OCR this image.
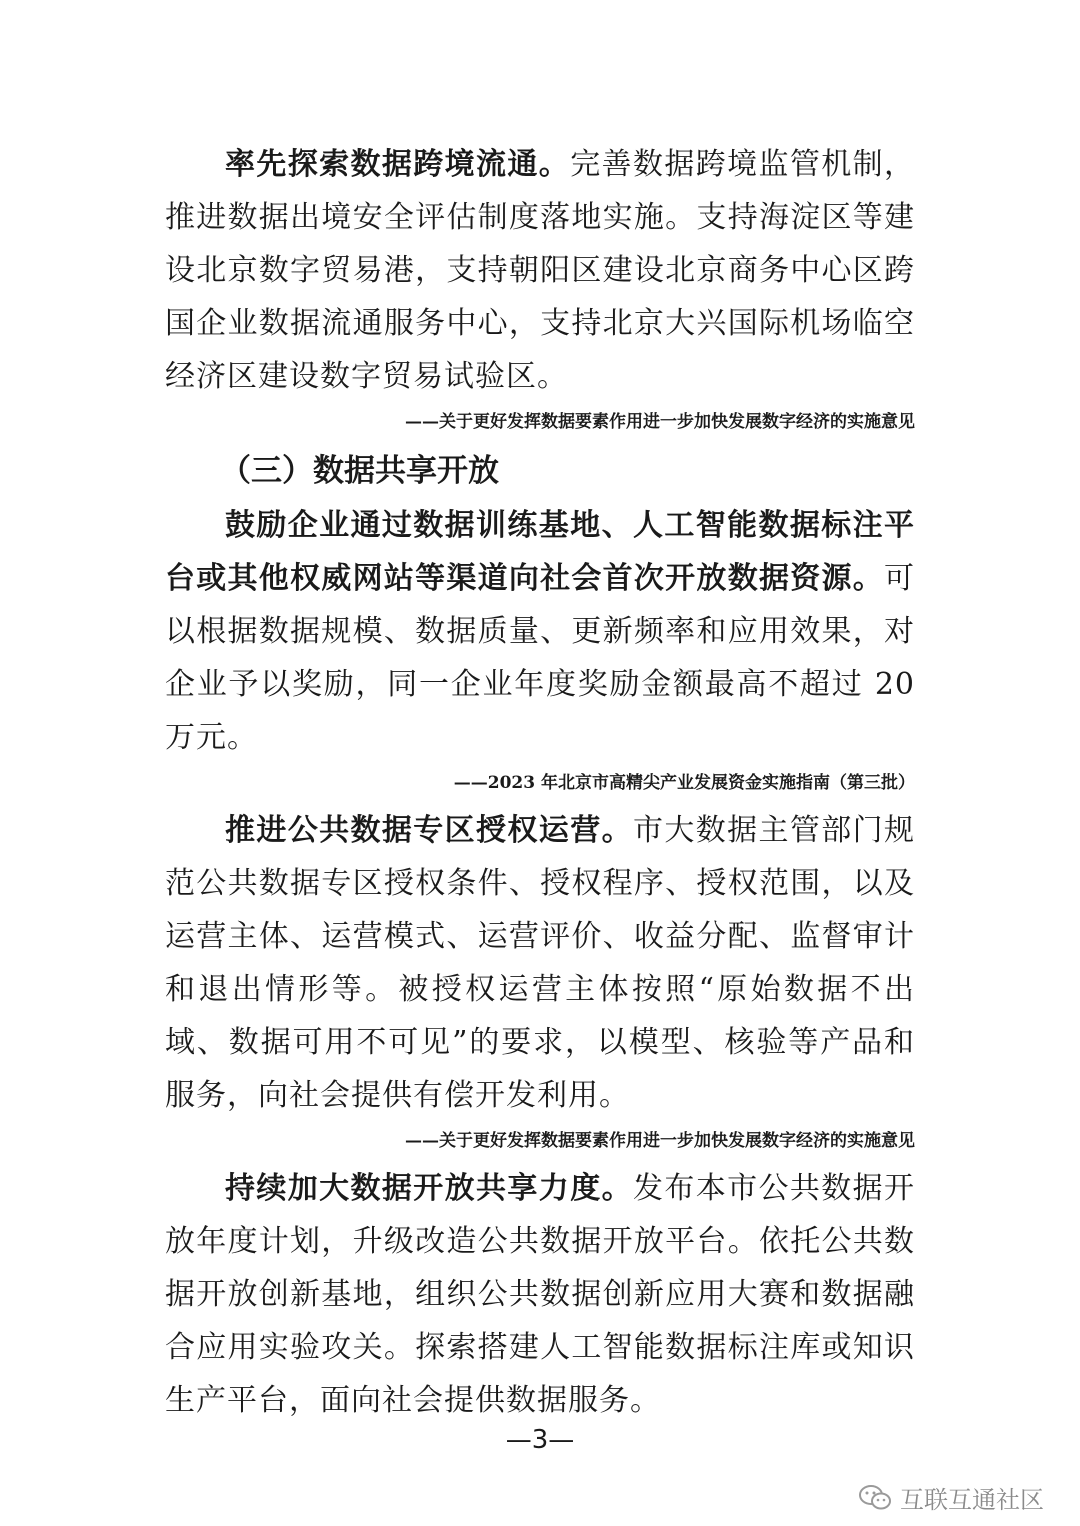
率先探索数据跨境流通。完善数据跨境监管机制，推进数据出境安全评估制度落地实施。支持海淀区等建设北京数字贸易港，支持朝阳区建设北京商务中心区跨国企业数据流通服务中心，支持北京大兴国际机场临空经济区建设数字贸易试验区。

——关于更好发挥数据要素作用进一步加快发展数字经济的实施意见
（三）数据共享开放

鼓励企业通过数据训练基地、人工智能数据标注平台或其他权威网站等渠道向社会首次开放数据资源。可以根据数据规模、数据质量、更新频率和应用效果，对企业予以奖励，同一企业年度奖励金额最高不超过 20 万元。

——2023 年北京市高精尖产业发展资金实施指南（第三批）

推进公共数据专区授权运营。市大数据主管部门规范公共数据专区授权条件、授权程序、授权范围，以及运营主体、运营模式、运营评价、收益分配、监督审计和退出情形等。被授权运营主体按照“原始数据不出域、数据可用不可见”的要求，以模型、核验等产品和服务，向社会提供有偿开发利用。

——关于更好发挥数据要素作用进一步加快发展数字经济的实施意见

持续加大数据开放共享力度。发布本市公共数据开放年度计划，升级改造公共数据开放平台。依托公共数据开放创新基地，组织公共数据创新应用大赛和数据融合应用实验攻关。探索搭建人工智能数据标注库或知识生产平台，面向社会提供数据服务。

—3—
互联互通社区
